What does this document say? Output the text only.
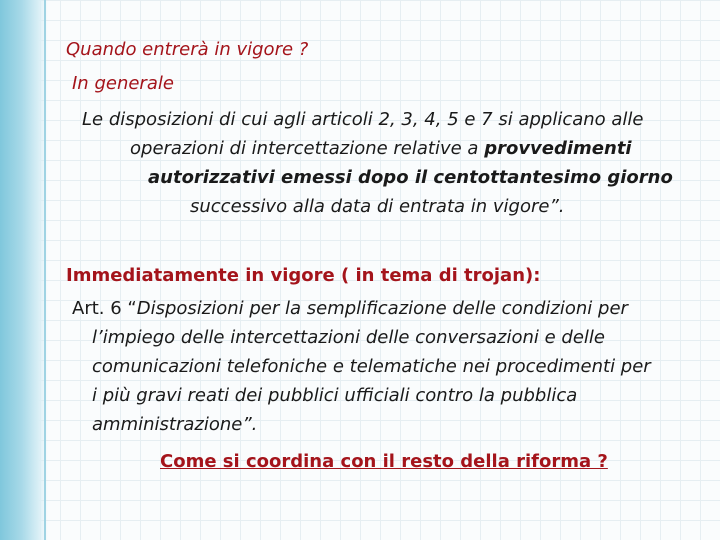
Quando entrerà in vigore ?
In generale
Le disposizioni di cui agli articoli 2, 3, 4, 5 e 7 si applicano alle
operazioni di intercettazione relative a provvedimenti
autorizzativi emessi dopo il centottantesimo giorno
successivo alla data di entrata in vigore”.
Immediatamente in vigore ( in tema di trojan):
Art. 6 “Disposizioni per la semplificazione delle condizioni per
l’impiego delle intercettazioni delle conversazioni e delle
comunicazioni telefoniche e telematiche nei procedimenti per
i più gravi reati dei pubblici ufficiali contro la pubblica
amministrazione”.
Come si coordina con il resto della riforma ?
